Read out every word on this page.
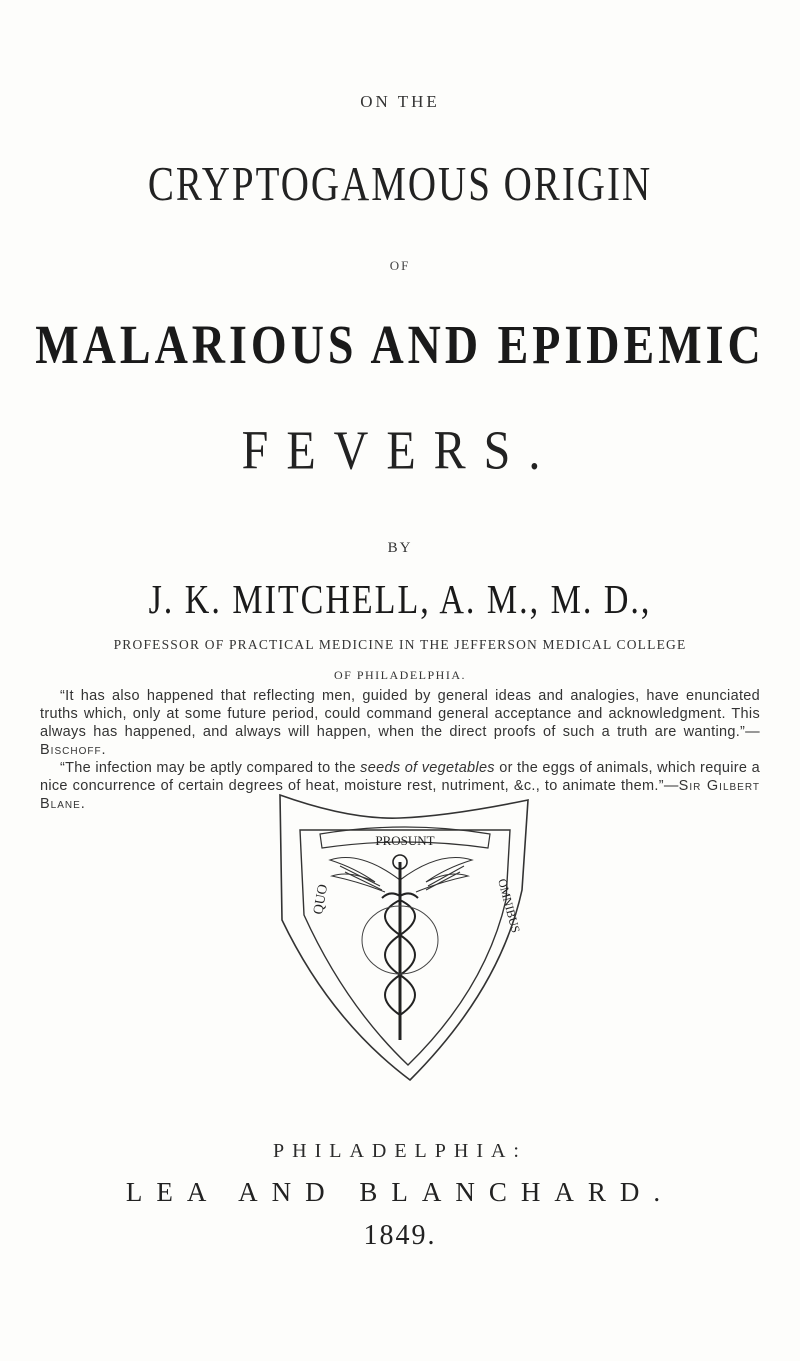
ON THE
CRYPTOGAMOUS ORIGIN
OF
MALARIOUS AND EPIDEMIC
FEVERS.
BY
J. K. MITCHELL, A. M., M. D.,
PROFESSOR OF PRACTICAL MEDICINE IN THE JEFFERSON MEDICAL COLLEGE
OF PHILADELPHIA.

“It has also happened that reflecting men, guided by general ideas and analogies, have enunciated truths which, only at some future period, could command general acceptance and acknowledgment. This always has happened, and always will happen, when the direct proofs of such a truth are wanting.”—Bischoff.

“The infection may be aptly compared to the seeds of vegetables or the eggs of animals, which require a nice concurrence of certain degrees of heat, moisture rest, nutriment, &c., to animate them.”—Sir Gilbert Blane.

PROSUNT
QUO	OMNIBUS
PHILADELPHIA:
LEA AND BLANCHARD.
1849.
